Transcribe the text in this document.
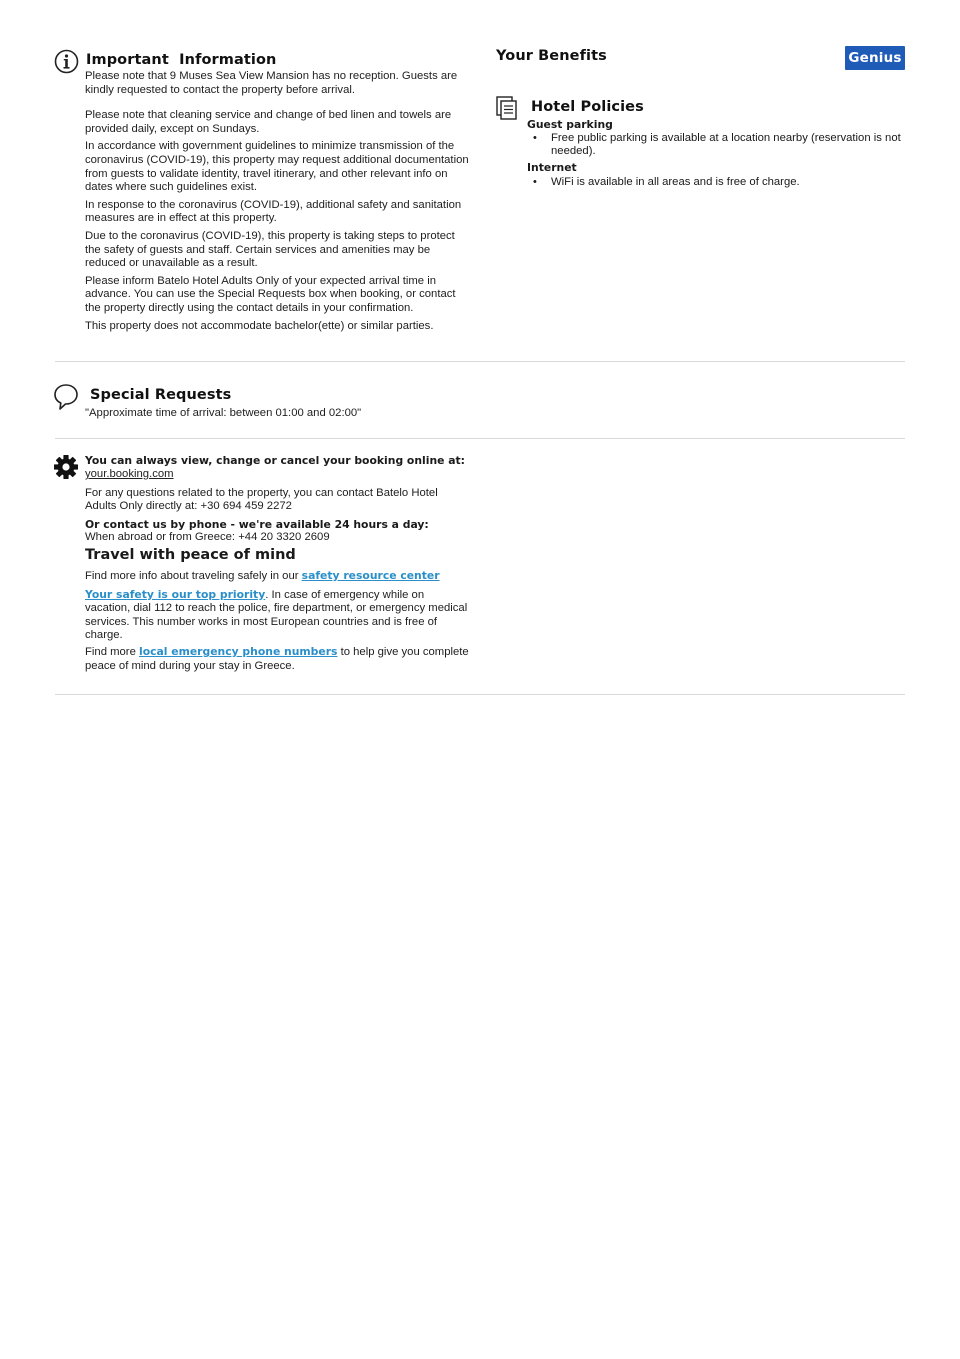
Important  Information

Please note that 9 Muses Sea View Mansion has no reception. Guests are kindly requested to contact the property before arrival.

Please note that cleaning service and change of bed linen and towels are provided daily, except on Sundays.

In accordance with government guidelines to minimize transmission of the coronavirus (COVID-19), this property may request additional documentation from guests to validate identity, travel itinerary, and other relevant info on dates where such guidelines exist.

In response to the coronavirus (COVID-19), additional safety and sanitation measures are in effect at this property.

Due to the coronavirus (COVID-19), this property is taking steps to protect the safety of guests and staff. Certain services and amenities may be reduced or unavailable as a result.

Please inform Batelo Hotel Adults Only of your expected arrival time in advance. You can use the Special Requests box when booking, or contact the property directly using the contact details in your confirmation.

This property does not accommodate bachelor(ette) or similar parties.

Your Benefits	Genius
Hotel Policies
Guest parking
• Free public parking is available at a location nearby (reservation is not needed).
Internet
• WiFi is available in all areas and is free of charge.
Special Requests

"Approximate time of arrival: between 01:00 and 02:00"

You can always view, change or cancel your booking online at:
your.booking.com

For any questions related to the property, you can contact Batelo Hotel Adults Only directly at: +30 694 459 2272

Or contact us by phone - we're available 24 hours a day:

When abroad or from Greece: +44 20 3320 2609

Travel with peace of mind

Find more info about traveling safely in our safety resource center

Your safety is our top priority. In case of emergency while on vacation, dial 112 to reach the police, fire department, or emergency medical services. This number works in most European countries and is free of charge.

Find more local emergency phone numbers to help give you complete peace of mind during your stay in Greece.
